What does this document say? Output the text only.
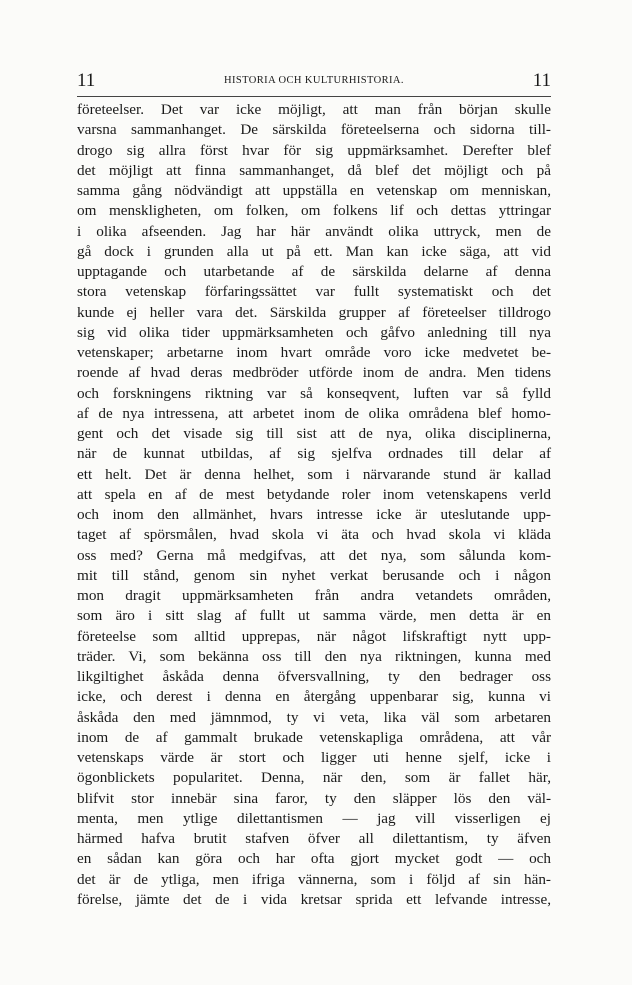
11	HISTORIA OCH KULTURHISTORIA.	11
företeelser. Det var icke möjligt, att man från början skulle
varsna sammanhanget. De särskilda företeelserna och sidorna till-
drogo sig allra först hvar för sig uppmärksamhet. Derefter blef
det möjligt att finna sammanhanget, då blef det möjligt och på
samma gång nödvändigt att uppställa en vetenskap om menniskan,
om menskligheten, om folken, om folkens lif och dettas yttringar
i olika afseenden. Jag har här användt olika uttryck, men de
gå dock i grunden alla ut på ett. Man kan icke säga, att vid
upptagande och utarbetande af de särskilda delarne af denna
stora vetenskap förfaringssättet var fullt systematiskt och det
kunde ej heller vara det. Särskilda grupper af företeelser tilldrogo
sig vid olika tider uppmärksamheten och gåfvo anledning till nya
vetenskaper; arbetarne inom hvart område voro icke medvetet be-
roende af hvad deras medbröder utförde inom de andra. Men tidens
och forskningens riktning var så konseqvent, luften var så fylld
af de nya intressena, att arbetet inom de olika områdena blef homo-
gent och det visade sig till sist att de nya, olika disciplinerna,
när de kunnat utbildas, af sig sjelfva ordnades till delar af
ett helt. Det är denna helhet, som i närvarande stund är kallad
att spela en af de mest betydande roler inom vetenskapens verld
och inom den allmänhet, hvars intresse icke är uteslutande upp-
taget af spörsmålen, hvad skola vi äta och hvad skola vi kläda
oss med? Gerna må medgifvas, att det nya, som sålunda kom-
mit till stånd, genom sin nyhet verkat berusande och i någon
mon dragit uppmärksamheten från andra vetandets områden,
som äro i sitt slag af fullt ut samma värde, men detta är en
företeelse som alltid upprepas, när något lifskraftigt nytt upp-
träder. Vi, som bekänna oss till den nya riktningen, kunna med
likgiltighet åskåda denna öfversvallning, ty den bedrager oss
icke, och derest i denna en återgång uppenbarar sig, kunna vi
åskåda den med jämnmod, ty vi veta, lika väl som arbetaren
inom de af gammalt brukade vetenskapliga områdena, att vår
vetenskaps värde är stort och ligger uti henne sjelf, icke i
ögonblickets popularitet. Denna, när den, som är fallet här,
blifvit stor innebär sina faror, ty den släpper lös den väl-
menta, men ytlige dilettantismen — jag vill visserligen ej
härmed hafva brutit stafven öfver all dilettantism, ty äfven
en sådan kan göra och har ofta gjort mycket godt — och
det är de ytliga, men ifriga vännerna, som i följd af sin hän-
förelse, jämte det de i vida kretsar sprida ett lefvande intresse,
